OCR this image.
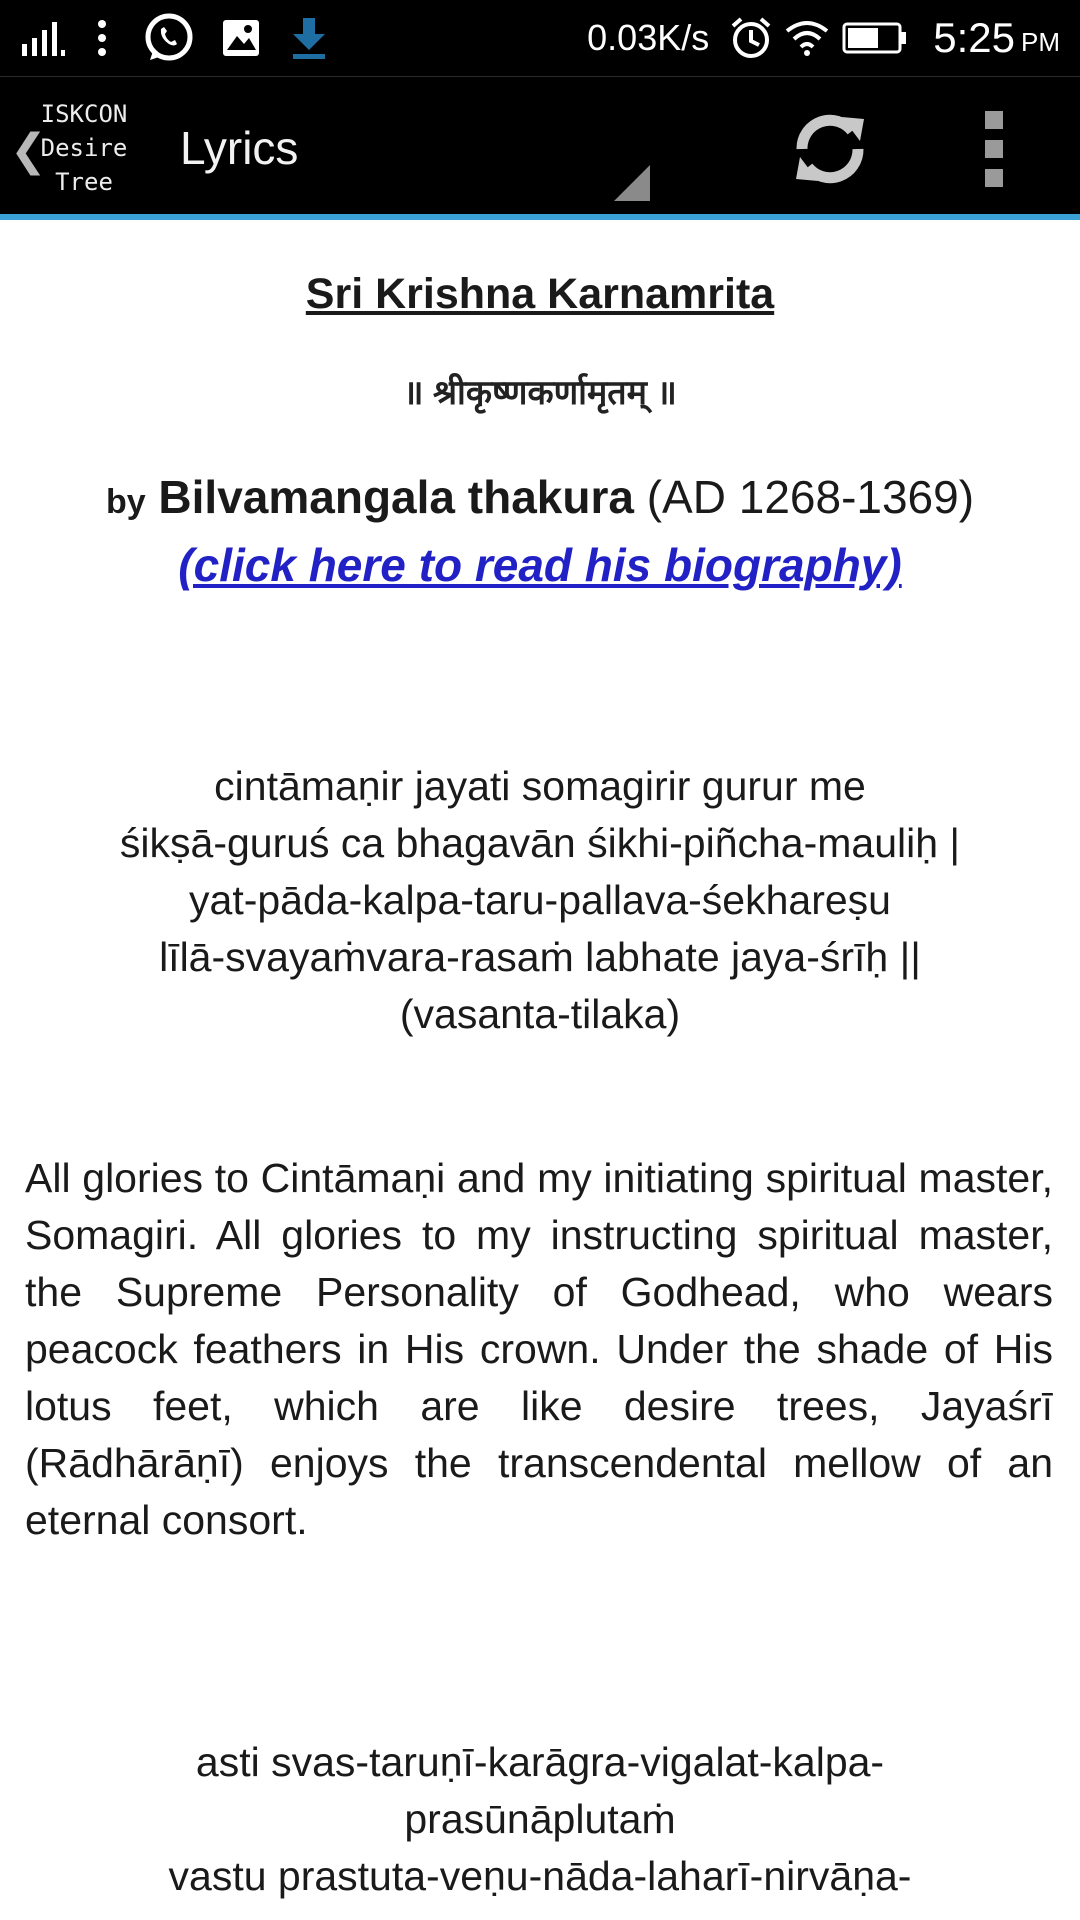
0.03K/s	5:25 PM
❮
ISKCON
Desire
Tree
Lyrics
Sri Krishna Karnamrita
॥ श्रीकृष्णकर्णामृतम् ॥
by Bilvamangala thakura (AD 1268-1369)
(click here to read his biography)
cintāmaṇir jayati somagirir gurur me
śikṣā-guruś ca bhagavān śikhi-piñcha-mauliḥ |
yat-pāda-kalpa-taru-pallava-śekhareṣu
līlā-svayaṁvara-rasaṁ labhate jaya-śrīḥ ||
(vasanta-tilaka)
All glories to Cintāmaṇi and my initiating spiritual master, Somagiri. All glories to my instructing spiritual master, the Supreme Personality of Godhead, who wears peacock feathers in His crown. Under the shade of His lotus feet, which are like desire trees, Jayaśrī (Rādhārāṇī) enjoys the transcendental mellow of an eternal consort.
asti svas-taruṇī-karāgra-vigalat-kalpa-
prasūnāplutaṁ
vastu prastuta-veṇu-nāda-laharī-nirvāṇa-
